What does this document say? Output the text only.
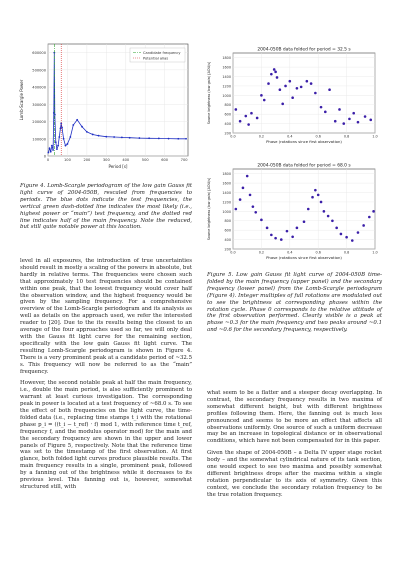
0
100000
200000
300000
400000
500000
600000
0	100	200	300	400	500	600	700
Candidate frequency
Potential alias
Period [s]
Lomb-Scargle Power

Figure 4. Lomb-Scargle periodogram of the low gain Gauss fit light curve of 2004-050B, rescaled from frequencies to periods. The blue dots indicate the test frequencies, the vertical green dash-dotted line indicates the most likely (i.e., highest power or “main”) test frequency, and the dotted red line indicates half of the main frequency. Note the reduced, but still quite notable power at this location.

level in all exposures, the introduction of true uncertainties should result in mostly a scaling of the powers in absolute, but hardly in relative terms. The frequencies were chosen such that approximately 10 test frequencies should be contained within one peak, that the lowest frequency would cover half the observation window, and the highest frequency would be given by the sampling frequency. For a comprehensive overview of the Lomb-Scargle periodogram and its analysis as well as details on the approach used, we refer the interested reader to [20]. Due to the its results being the closest to an average of the four approaches used so far, we will only deal with the Gauss fit light curve for the remaining section, specifically with the low gain Gauss fit light curve. The resulting Lomb-Scargle periodogram is shown in Figure 4. There is a very prominent peak at a candidate period of ~32.5 s. This frequency will now be referred to as the “main” frequency.

However, the second notable peak at half the main frequency, i.e., double the main period, is also sufficiently prominent to warrant at least curious investigation. The corresponding peak in power is located at a test frequency of ~68.0 s. To see the effect of both frequencies on the light curve, the time-folded data (i.e., replacing time stamps t_i with the rotational phase p_i = ((t_i − t_ref) · f) mod 1, with reference time t_ref, frequency f, and the modulus operator mod) for the main and the secondary frequency are shown in the upper and lower panels of Figure 5, respectively. Note that the reference time was set to the timestamp of the first observation. At first glance, both folded light curves produce plausible results. The main frequency results in a single, prominent peak, followed by a fanning out of the brightness while it decreases to its previous level. This fanning out is, however, somewhat structured still, with

2004-050B data folded for period = 32.5 s
200
400
600
800
1000
1200
1400
1600
1800
0.0	0.2	0.4	0.6	0.8	1.0
Phase (rotations since first observation)
Source brightness (low gain) [ADU/s]
2004-050B data folded for period = 68.0 s
200
400
600
800
1000
1200
1400
1600
1800
0.0	0.2	0.4	0.6	0.8	1.0
Phase (rotations since first observation)
Source brightness (low gain) [ADU/s]

Figure 5. Low gain Gauss fit light curve of 2004-050B time-folded by the main frequency (upper panel) and the secondary frequency (lower panel) from the Lomb-Scargle periodogram (Figure 4). Integer multiples of full rotations are modulated out to see the brightness at corresponding phases within the rotation cycle. Phase 0 corresponds to the relative attitude of the first observation performed. Clearly visible is a peak at phase ~0.3 for the main frequency and two peaks around ~0.1 and ~0.6 for the secondary frequency, respectively.

what seem to be a flatter and a steeper decay overlapping. In contrast, the secondary frequency results in two maxima of somewhat different height, but with different brightness profiles following them. Here, the fanning out is much less pronounced and seems to be more an effect that affects all observations uniformly. One source of such a uniform decrease may be an increase in topological distance or in observational conditions, which have not been compensated for in this paper.

Given the shape of 2004-050B – a Delta IV upper stage rocket body – and the somewhat cylindrical nature of its tank section, one would expect to see two maxima and possibly somewhat different brightness drops after the maxima within a single rotation perpendicular to its axis of symmetry. Given this context, we conclude the secondary rotation frequency to be the true rotation frequency.
